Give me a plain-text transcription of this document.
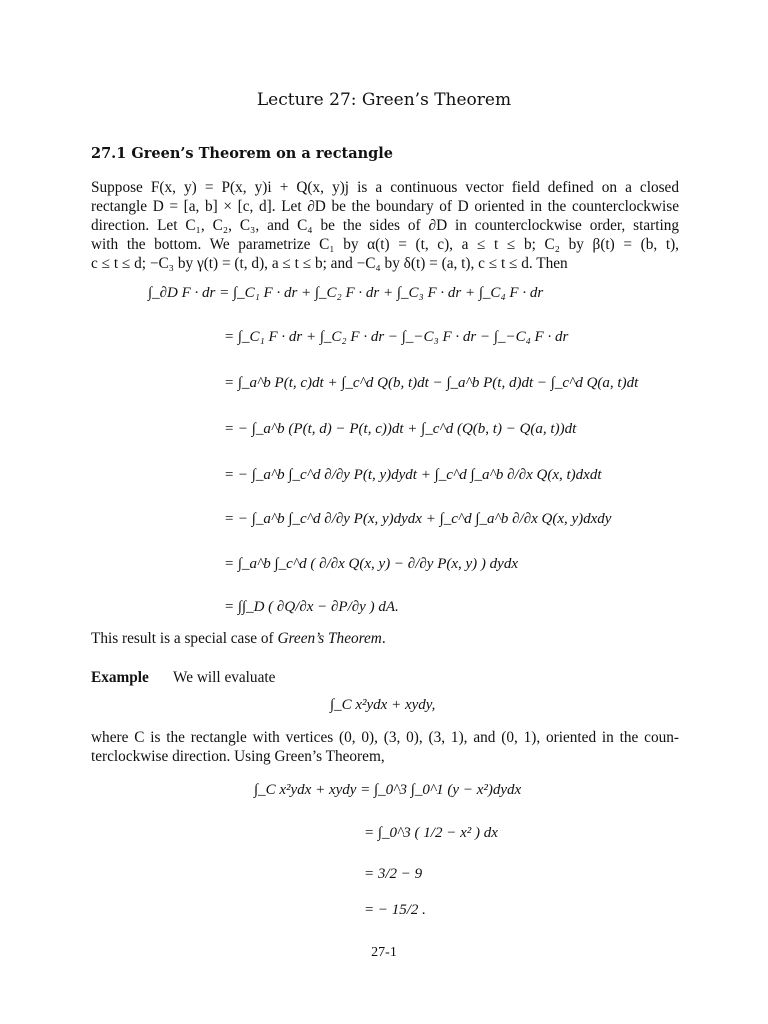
Lecture 27: Green’s Theorem
27.1 Green’s Theorem on a rectangle
Suppose F(x, y) = P(x, y)i + Q(x, y)j is a continuous vector field defined on a closed
rectangle D = [a, b] × [c, d]. Let ∂D be the boundary of D oriented in the counterclockwise
direction. Let C₁, C₂, C₃, and C₄ be the sides of ∂D in counterclockwise order, starting
with the bottom. We parametrize C₁ by α(t) = (t, c), a ≤ t ≤ b; C₂ by β(t) = (b, t),
c ≤ t ≤ d; −C₃ by γ(t) = (t, d), a ≤ t ≤ b; and −C₄ by δ(t) = (a, t), c ≤ t ≤ d. Then
∫_∂D F · dr = ∫_C₁ F · dr + ∫_C₂ F · dr + ∫_C₃ F · dr + ∫_C₄ F · dr
= ∫_C₁ F · dr + ∫_C₂ F · dr − ∫_−C₃ F · dr − ∫_−C₄ F · dr
= ∫_a^b P(t, c)dt + ∫_c^d Q(b, t)dt − ∫_a^b P(t, d)dt − ∫_c^d Q(a, t)dt
= − ∫_a^b (P(t, d) − P(t, c))dt + ∫_c^d (Q(b, t) − Q(a, t))dt
= − ∫_a^b ∫_c^d ∂/∂y P(t, y)dydt + ∫_c^d ∫_a^b ∂/∂x Q(x, t)dxdt
= − ∫_a^b ∫_c^d ∂/∂y P(x, y)dydx + ∫_c^d ∫_a^b ∂/∂x Q(x, y)dxdy
= ∫_a^b ∫_c^d ( ∂/∂x Q(x, y) − ∂/∂y P(x, y) ) dydx
= ∫∫_D ( ∂Q/∂x − ∂P/∂y ) dA.
This result is a special case of Green’s Theorem.
Example We will evaluate
∫_C x²ydx + xydy,
where C is the rectangle with vertices (0, 0), (3, 0), (3, 1), and (0, 1), oriented in the coun-
terclockwise direction. Using Green’s Theorem,
∫_C x²ydx + xydy = ∫_0^3 ∫_0^1 (y − x²)dydx
= ∫_0^3 ( 1/2 − x² ) dx
= 3/2 − 9
= − 15/2 .
27-1
